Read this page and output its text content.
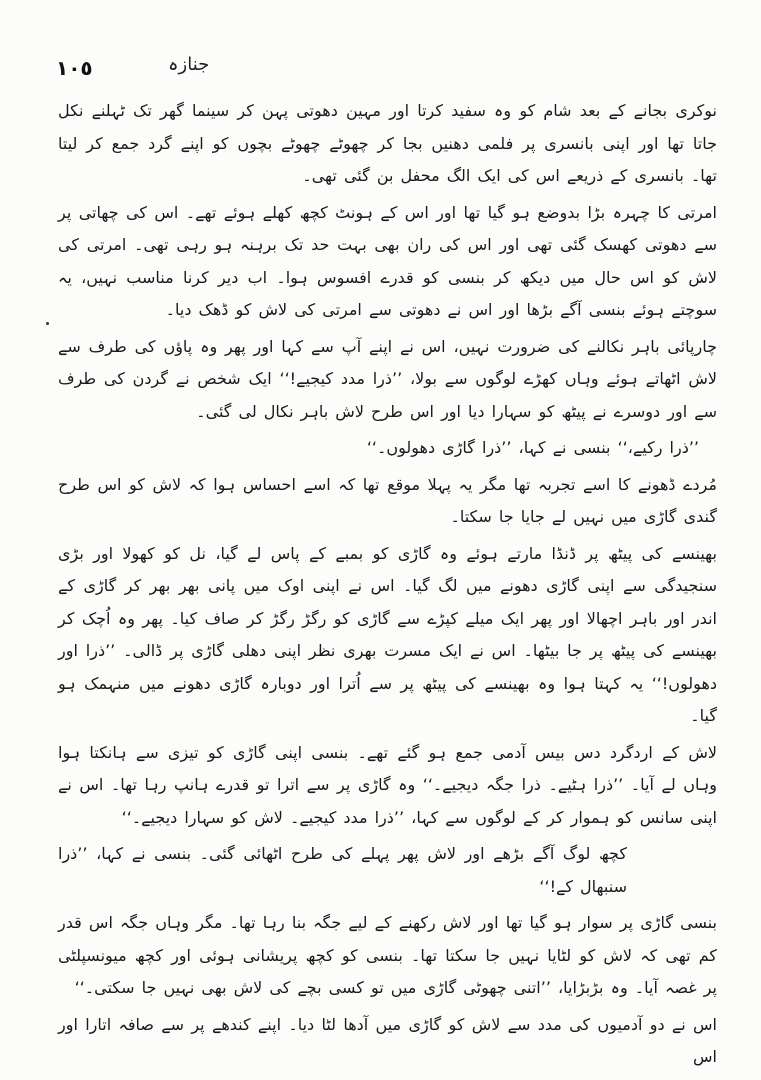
١٠٥	جنازہ

نوکری بجانے کے بعد شام کو وہ سفید کرتا اور مہین دھوتی پہن کر سینما گھر تک ٹہلنے نکل جاتا تھا اور اپنی بانسری پر فلمی دھنیں بجا کر چھوٹے چھوٹے بچوں کو اپنے گرد جمع کر لیتا تھا۔ بانسری کے ذریعے اس کی ایک الگ محفل بن گئی تھی۔

امرتی کا چہرہ بڑا بدوضع ہو گیا تھا اور اس کے ہونٹ کچھ کھلے ہوئے تھے۔ اس کی چھاتی پر سے دھوتی کھسک گئی تھی اور اس کی ران بھی بہت حد تک برہنہ ہو رہی تھی۔ امرتی کی لاش کو اس حال میں دیکھ کر بنسی کو قدرے افسوس ہوا۔ اب دیر کرنا مناسب نہیں، یہ سوچتے ہوئے بنسی آگے بڑھا اور اس نے دھوتی سے امرتی کی لاش کو ڈھک دیا۔

چارپائی باہر نکالنے کی ضرورت نہیں، اس نے اپنے آپ سے کہا اور پھر وہ پاؤں کی طرف سے لاش اٹھاتے ہوئے وہاں کھڑے لوگوں سے بولا، ’’ذرا مدد کیجیے!‘‘ ایک شخص نے گردن کی طرف سے اور دوسرے نے پیٹھ کو سہارا دیا اور اس طرح لاش باہر نکال لی گئی۔

’’ذرا رکیے،‘‘ بنسی نے کہا، ’’ذرا گاڑی دھولوں۔‘‘

مُردے ڈھونے کا اسے تجربہ تھا مگر یہ پہلا موقع تھا کہ اسے احساس ہوا کہ لاش کو اس طرح گندی گاڑی میں نہیں لے جایا جا سکتا۔

بھینسے کی پیٹھ پر ڈنڈا مارتے ہوئے وہ گاڑی کو بمبے کے پاس لے گیا، نل کو کھولا اور بڑی سنجیدگی سے اپنی گاڑی دھونے میں لگ گیا۔ اس نے اپنی اوک میں پانی بھر بھر کر گاڑی کے اندر اور باہر اچھالا اور پھر ایک میلے کپڑے سے گاڑی کو رگڑ رگڑ کر صاف کیا۔ پھر وہ اُچک کر بھینسے کی پیٹھ پر جا بیٹھا۔ اس نے ایک مسرت بھری نظر اپنی دھلی گاڑی پر ڈالی۔ ’’ذرا اور دھولوں!‘‘ یہ کہتا ہوا وہ بھینسے کی پیٹھ پر سے اُترا اور دوبارہ گاڑی دھونے میں منہمک ہو گیا۔

لاش کے اردگرد دس بیس آدمی جمع ہو گئے تھے۔ بنسی اپنی گاڑی کو تیزی سے ہانکتا ہوا وہاں لے آیا۔ ’’ذرا ہٹیے۔ ذرا جگہ دیجیے۔‘‘ وہ گاڑی پر سے اترا تو قدرے ہانپ رہا تھا۔ اس نے اپنی سانس کو ہموار کر کے لوگوں سے کہا، ’’ذرا مدد کیجیے۔ لاش کو سہارا دیجیے۔‘‘

کچھ لوگ آگے بڑھے اور لاش پھر پہلے کی طرح اٹھائی گئی۔ بنسی نے کہا، ’’ذرا سنبھال کے!‘‘

بنسی گاڑی پر سوار ہو گیا تھا اور لاش رکھنے کے لیے جگہ بنا رہا تھا۔ مگر وہاں جگہ اس قدر کم تھی کہ لاش کو لٹایا نہیں جا سکتا تھا۔ بنسی کو کچھ پریشانی ہوئی اور کچھ میونسپلٹی پر غصہ آیا۔ وہ بڑبڑایا، ’’اتنی چھوٹی گاڑی میں تو کسی بچے کی لاش بھی نہیں جا سکتی۔‘‘

اس نے دو آدمیوں کی مدد سے لاش کو گاڑی میں آدھا لٹا دیا۔ اپنے کندھے پر سے صافہ اتارا اور اس
